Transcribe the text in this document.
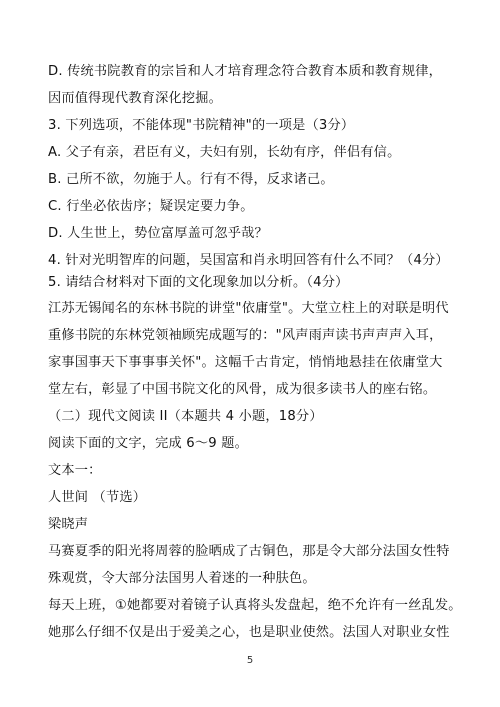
D. 传统书院教育的宗旨和人才培育理念符合教育本质和教育规律，
因而值得现代教育深化挖掘。
3. 下列选项，不能体现"书院精神"的一项是（3分）
A. 父子有亲，君臣有义，夫妇有别，长幼有序，伴侣有信。
B. 己所不欲，勿施于人。行有不得，反求诸己。
C. 行坐必依齿序；疑误定要力争。
D. 人生世上，势位富厚盖可忽乎哉？
4. 针对光明智库的问题，吴国富和肖永明回答有什么不同？（4分）
5. 请结合材料对下面的文化现象加以分析。（4分）
江苏无锡闻名的东林书院的讲堂"依庸堂"。大堂立柱上的对联是明代
重修书院的东林党领袖顾宪成题写的："风声雨声读书声声声入耳，
家事国事天下事事事关怀"。这幅千古肯定，悄悄地悬挂在依庸堂大
堂左右，彰显了中国书院文化的风骨，成为很多读书人的座右铭。
（二）现代文阅读 II（本题共 4 小题，18分）
阅读下面的文字，完成 6～9 题。
文本一：
人世间 （节选）
梁晓声
马赛夏季的阳光将周蓉的脸晒成了古铜色，那是令大部分法国女性特
殊观赏，令大部分法国男人着迷的一种肤色。
每天上班，①她都要对着镜子认真将头发盘起，绝不允许有一丝乱发。
她那么仔细不仅是出于爱美之心，也是职业使然。法国人对职业女性
5
